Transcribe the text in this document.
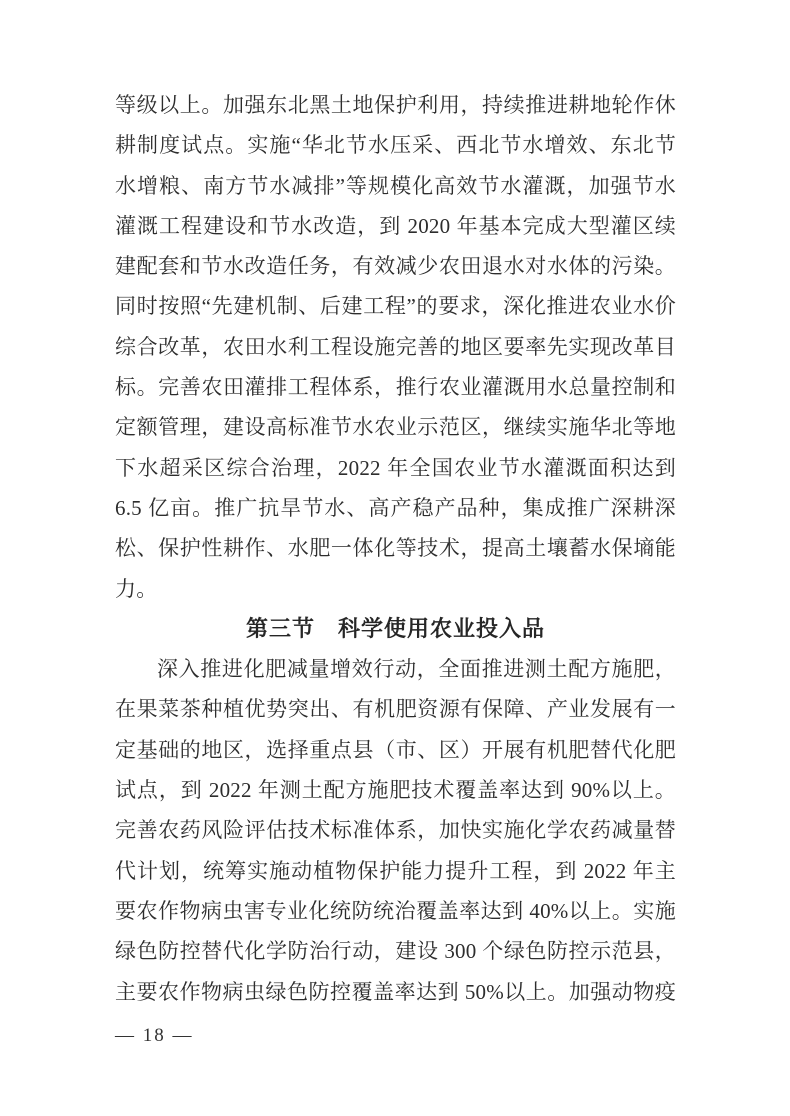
等级以上。加强东北黑土地保护利用，持续推进耕地轮作休
耕制度试点。实施“华北节水压采、西北节水增效、东北节
水增粮、南方节水减排”等规模化高效节水灌溉，加强节水
灌溉工程建设和节水改造，到 2020 年基本完成大型灌区续
建配套和节水改造任务，有效减少农田退水对水体的污染。
同时按照“先建机制、后建工程”的要求，深化推进农业水价
综合改革，农田水利工程设施完善的地区要率先实现改革目
标。完善农田灌排工程体系，推行农业灌溉用水总量控制和
定额管理，建设高标准节水农业示范区，继续实施华北等地
下水超采区综合治理，2022 年全国农业节水灌溉面积达到
6.5 亿亩。推广抗旱节水、高产稳产品种，集成推广深耕深
松、保护性耕作、水肥一体化等技术，提高土壤蓄水保墒能
力。
第三节　科学使用农业投入品
深入推进化肥减量增效行动，全面推进测土配方施肥，
在果菜茶种植优势突出、有机肥资源有保障、产业发展有一
定基础的地区，选择重点县（市、区）开展有机肥替代化肥
试点，到 2022 年测土配方施肥技术覆盖率达到 90%以上。
完善农药风险评估技术标准体系，加快实施化学农药减量替
代计划，统筹实施动植物保护能力提升工程，到 2022 年主
要农作物病虫害专业化统防统治覆盖率达到 40%以上。实施
绿色防控替代化学防治行动，建设 300 个绿色防控示范县，
主要农作物病虫绿色防控覆盖率达到 50%以上。加强动物疫
— 18 —
